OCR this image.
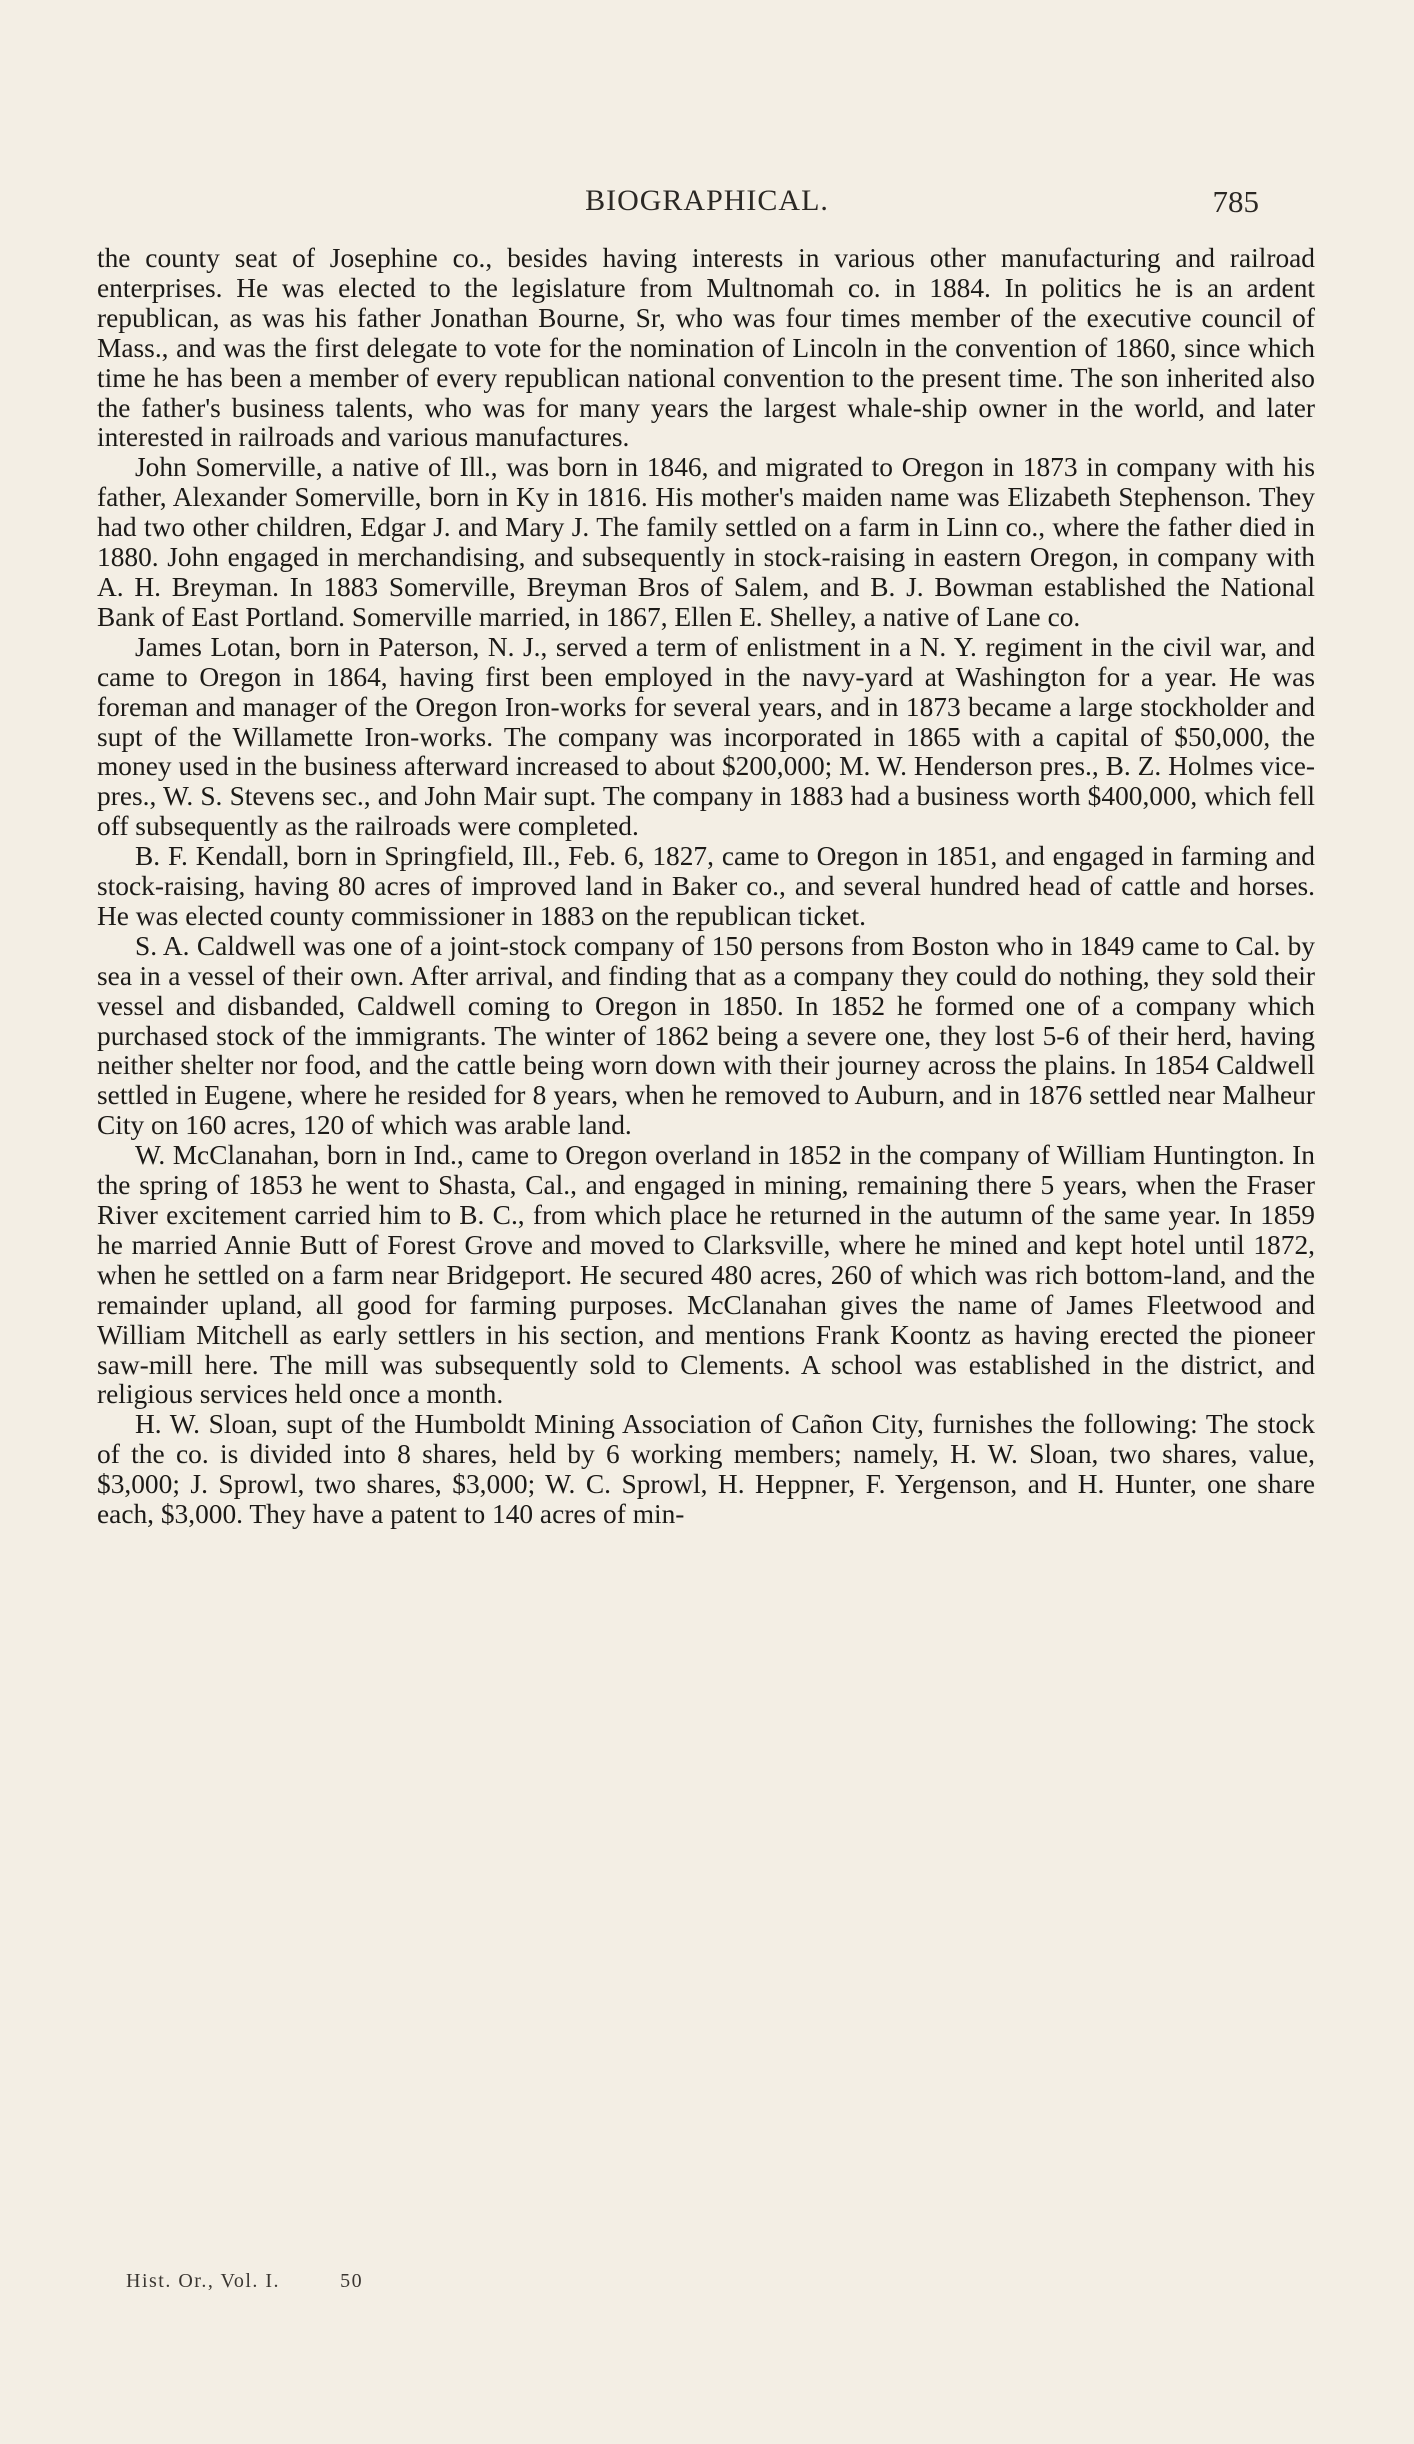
BIOGRAPHICAL.	785

the county seat of Josephine co., besides having interests in various other manufacturing and railroad enterprises. He was elected to the legislature from Multnomah co. in 1884. In politics he is an ardent republican, as was his father Jonathan Bourne, Sr, who was four times member of the executive council of Mass., and was the first delegate to vote for the nomination of Lincoln in the convention of 1860, since which time he has been a member of every republican national convention to the present time. The son inherited also the father's business talents, who was for many years the largest whale-ship owner in the world, and later interested in railroads and various manufactures.

John Somerville, a native of Ill., was born in 1846, and migrated to Oregon in 1873 in company with his father, Alexander Somerville, born in Ky in 1816. His mother's maiden name was Elizabeth Stephenson. They had two other children, Edgar J. and Mary J. The family settled on a farm in Linn co., where the father died in 1880. John engaged in merchandising, and subsequently in stock-raising in eastern Oregon, in company with A. H. Breyman. In 1883 Somerville, Breyman Bros of Salem, and B. J. Bowman established the National Bank of East Portland. Somerville married, in 1867, Ellen E. Shelley, a native of Lane co.

James Lotan, born in Paterson, N. J., served a term of enlistment in a N. Y. regiment in the civil war, and came to Oregon in 1864, having first been employed in the navy-yard at Washington for a year. He was foreman and manager of the Oregon Iron-works for several years, and in 1873 became a large stockholder and supt of the Willamette Iron-works. The company was incorporated in 1865 with a capital of $50,000, the money used in the business afterward increased to about $200,000; M. W. Henderson pres., B. Z. Holmes vice-pres., W. S. Stevens sec., and John Mair supt. The company in 1883 had a business worth $400,000, which fell off subsequently as the railroads were completed.

B. F. Kendall, born in Springfield, Ill., Feb. 6, 1827, came to Oregon in 1851, and engaged in farming and stock-raising, having 80 acres of improved land in Baker co., and several hundred head of cattle and horses. He was elected county commissioner in 1883 on the republican ticket.

S. A. Caldwell was one of a joint-stock company of 150 persons from Boston who in 1849 came to Cal. by sea in a vessel of their own. After arrival, and finding that as a company they could do nothing, they sold their vessel and disbanded, Caldwell coming to Oregon in 1850. In 1852 he formed one of a company which purchased stock of the immigrants. The winter of 1862 being a severe one, they lost 5-6 of their herd, having neither shelter nor food, and the cattle being worn down with their journey across the plains. In 1854 Caldwell settled in Eugene, where he resided for 8 years, when he removed to Auburn, and in 1876 settled near Malheur City on 160 acres, 120 of which was arable land.

W. McClanahan, born in Ind., came to Oregon overland in 1852 in the company of William Huntington. In the spring of 1853 he went to Shasta, Cal., and engaged in mining, remaining there 5 years, when the Fraser River excitement carried him to B. C., from which place he returned in the autumn of the same year. In 1859 he married Annie Butt of Forest Grove and moved to Clarksville, where he mined and kept hotel until 1872, when he settled on a farm near Bridgeport. He secured 480 acres, 260 of which was rich bottom-land, and the remainder upland, all good for farming purposes. McClanahan gives the name of James Fleetwood and William Mitchell as early settlers in his section, and mentions Frank Koontz as having erected the pioneer saw-mill here. The mill was subsequently sold to Clements. A school was established in the district, and religious services held once a month.

H. W. Sloan, supt of the Humboldt Mining Association of Cañon City, furnishes the following: The stock of the co. is divided into 8 shares, held by 6 working members; namely, H. W. Sloan, two shares, value, $3,000; J. Sprowl, two shares, $3,000; W. C. Sprowl, H. Heppner, F. Yergenson, and H. Hunter, one share each, $3,000. They have a patent to 140 acres of min-

Hist. Or., Vol. I.	50
